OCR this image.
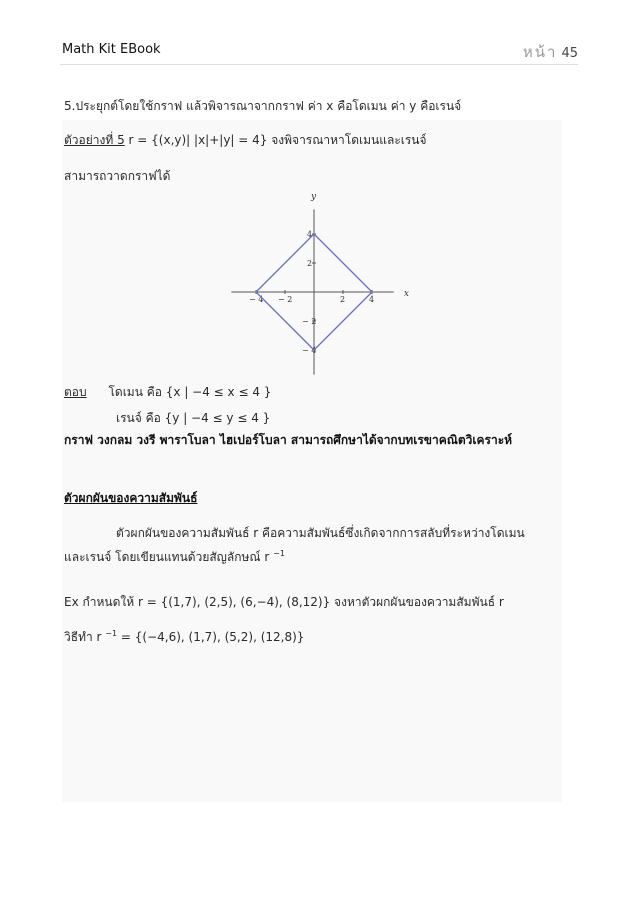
Math Kit EBook	หน้า 45
5.ประยุกต์โดยใช้กราฟ แล้วพิจารณาจากกราฟ ค่า x คือโดเมน ค่า y คือเรนจ์
ตัวอย่างที่ 5 r = {(x,y)| |x|+|y| = 4} จงพิจารณาหาโดเมนและเรนจ์
สามารถวาดกราฟได้
x
y
− 4 − 2	2	4
4
2
− 2
− 4
ตอบ โดเมน คือ {x | −4 ≤ x ≤ 4 }
เรนจ์ คือ {y | −4 ≤ y ≤ 4 }
กราฟ วงกลม วงรี พาราโบลา ไฮเปอร์โบลา สามารถศึกษาได้จากบทเรขาคณิตวิเคราะห์
ตัวผกผันของความสัมพันธ์
ตัวผกผันของความสัมพันธ์ r คือความสัมพันธ์ซึ่งเกิดจากการสลับที่ระหว่างโดเมน
และเรนจ์ โดยเขียนแทนด้วยสัญลักษณ์ r $^{-1}$
Ex กำหนดให้ r = {(1,7), (2,5), (6,−4), (8,12)} จงหาตัวผกผันของความสัมพันธ์ r
วิธีทำ r $^{-1}$ = {(−4,6), (1,7), (5,2), (12,8)}
